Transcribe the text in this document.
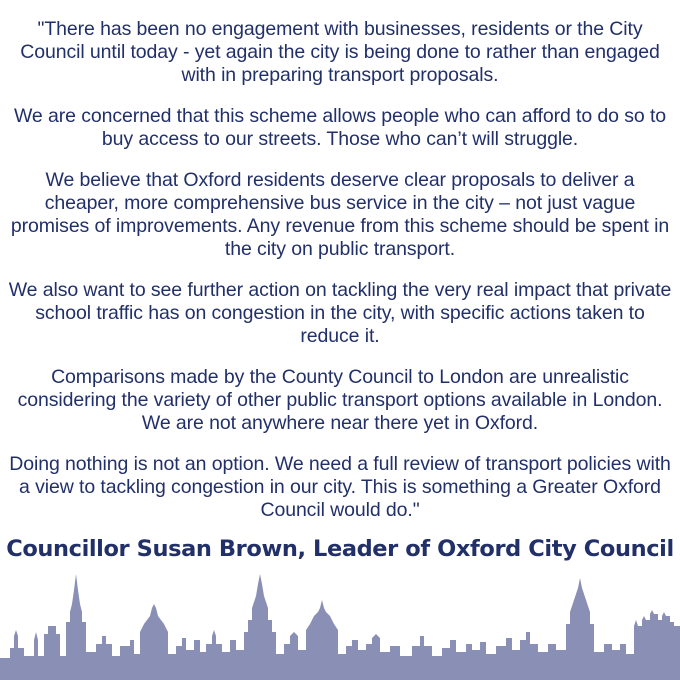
"There has been no engagement with businesses, residents or the City Council until today - yet again the city is being done to rather than engaged with in preparing transport proposals.

We are concerned that this scheme allows people who can afford to do so to buy access to our streets. Those who can’t will struggle.

We believe that Oxford residents deserve clear proposals to deliver a cheaper, more comprehensive bus service in the city – not just vague promises of improvements. Any revenue from this scheme should be spent in the city on public transport.

We also want to see further action on tackling the very real impact that private school traffic has on congestion in the city, with specific actions taken to reduce it.

Comparisons made by the County Council to London are unrealistic considering the variety of other public transport options available in London. We are not anywhere near there yet in Oxford.

Doing nothing is not an option. We need a full review of transport policies with a view to tackling congestion in our city. This is something a Greater Oxford Council would do."

Councillor Susan Brown, Leader of Oxford City Council
